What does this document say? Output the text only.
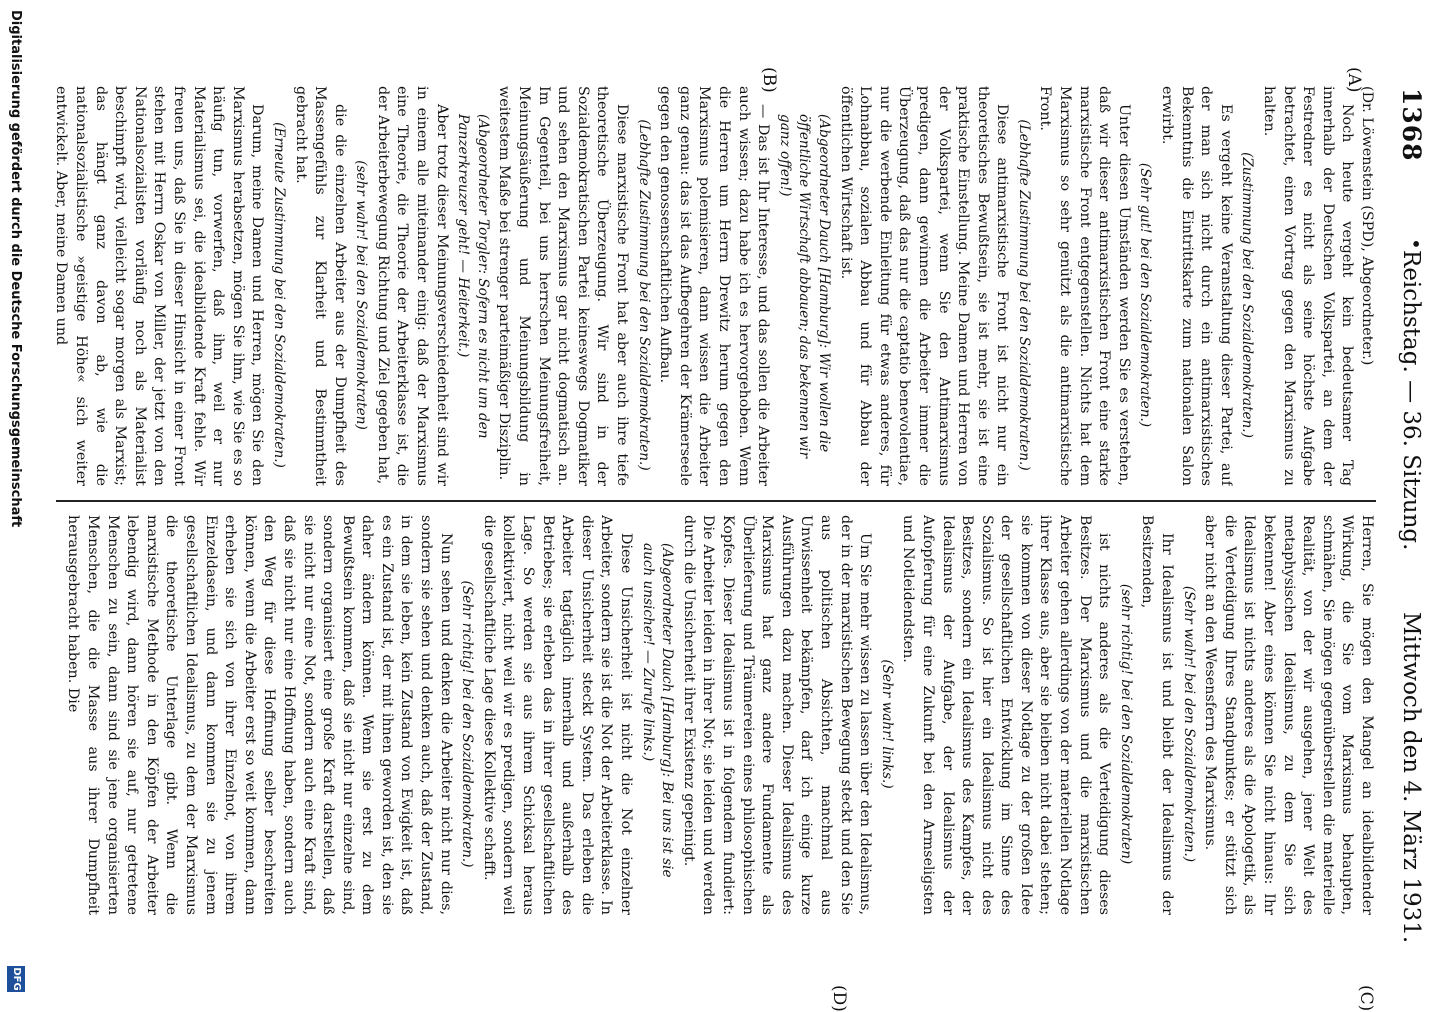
1368
•
Reichstag. — 36. Sitzung.
Mittwoch den 4. März 1931.
(A)
(B)
(C)
(D)

(Dr. Löwenstein (SPD), Abgeordneter.)

Noch heute vergeht kein bedeutsamer Tag innerhalb der Deutschen Volkspartei, an dem der Festredner es nicht als seine höchste Aufgabe betrachtet, einen Vortrag gegen den Marxismus zu halten.

(Zustimmung bei den Sozialdemokraten.)

Es vergeht keine Veranstaltung dieser Partei, auf der man sich nicht durch ein antimarxistisches Bekenntnis die Eintrittskarte zum nationalen Salon erwirbt.

(Sehr gut! bei den Sozialdemokraten.)

Unter diesen Umständen werden Sie es verstehen, daß wir dieser antimarxistischen Front eine starke marxistische Front entgegenstellen. Nichts hat dem Marxismus so sehr genützt als die antimarxistische Front.

(Lebhafte Zustimmung bei den Sozialdemokraten.)

Diese antimarxistische Front ist nicht nur ein theoretisches Bewußtsein, sie ist mehr, sie ist eine praktische Einstellung. Meine Damen und Herren von der Volkspartei, wenn Sie den Antimarxismus predigen, dann gewinnen die Arbeiter immer die Überzeugung, daß das nur die captatio benevolentiae, nur die werbende Einleitung für etwas anderes, für Lohnabbau, sozialen Abbau und für Abbau der öffentlichen Wirtschaft ist.

(Abgeordneter Dauch [Hamburg]: Wir wollen die öffentliche Wirtschaft abbauen; das bekennen wir ganz offen!)

— Das ist Ihr Interesse, und das sollen die Arbeiter auch wissen; dazu habe ich es hervorgehoben. Wenn die Herren um Herrn Drewitz herum gegen den Marxismus polemisieren, dann wissen die Arbeiter ganz genau: das ist das Aufbegehren der Krämerseele gegen den genossenschaftlichen Aufbau.

(Lebhafte Zustimmung bei den Sozialdemokraten.)

Diese marxistische Front hat aber auch ihre tiefe theoretische Überzeugung. Wir sind in der Sozialdemokratischen Partei keineswegs Dogmatiker und sehen den Marxismus gar nicht dogmatisch an. Im Gegenteil, bei uns herrschen Meinungsfreiheit, Meinungsäußerung und Meinungsbildung in weitestem Maße bei strenger parteimäßiger Disziplin.

(Abgeordneter Torgler: Sofern es nicht um den Panzerkreuzer geht! — Heiterkeit.)

Aber trotz dieser Meinungsverschiedenheit sind wir in einem alle miteinander einig: daß der Marxismus eine Theorie, die Theorie der Arbeiterklasse ist, die der Arbeiterbewegung Richtung und Ziel gegeben hat,

(sehr wahr! bei den Sozialdemokraten)

die die einzelnen Arbeiter aus der Dumpfheit des Massengefühls zur Klarheit und Bestimmtheit gebracht hat.

(Erneute Zustimmung bei den Sozialdemokraten.)

Darum, meine Damen und Herren, mögen Sie den Marxismus herabsetzen, mögen Sie ihm, wie Sie es so häufig tun, vorwerfen, daß ihm, weil er nur Materialismus sei, die idealbildende Kraft fehle. Wir freuen uns, daß Sie in dieser Hinsicht in einer Front stehen mit Herrn Oskar von Miller, der jetzt von den Nationalsozialisten vorläufig noch als Materialist beschimpft wird, vielleicht sogar morgen als Marxist; das hängt ganz davon ab, wie die nationalsozialistische »geistige Höhe« sich weiter entwickelt. Aber, meine Damen und

Herren, Sie mögen den Mangel an idealbildender Wirkung, die Sie vom Marxismus behaupten, schmähen, Sie mögen gegenüberstellen die materielle Realität, von der wir ausgehen, jener Welt des metaphysischen Idealismus, zu dem Sie sich bekennen! Aber eines können Sie nicht hinaus: Ihr Idealismus ist nichts anderes als die Apologetik, als die Verteidigung Ihres Standpunktes; er stützt sich aber nicht an den Wesensfern des Marxismus.

(Sehr wahr! bei den Sozialdemokraten.)

Ihr Idealismus ist und bleibt der Idealismus der Besitzenden,

(sehr richtig! bei den Sozialdemokraten)

ist nichts anderes als die Verteidigung dieses Besitzes. Der Marxismus und die marxistischen Arbeiter gehen allerdings von der materiellen Notlage ihrer Klasse aus, aber sie bleiben nicht dabei stehen; sie kommen von dieser Notlage zu der großen Idee der gesellschaftlichen Entwicklung im Sinne des Sozialismus. So ist hier ein Idealismus nicht des Besitzes, sondern ein Idealismus des Kampfes, der Idealismus der Aufgabe, der Idealismus der Aufopferung für eine Zukunft bei den Armseligsten und Notleidendsten.

(Sehr wahr! links.)

Um Sie mehr wissen zu lassen über den Idealismus, der in der marxistischen Bewegung steckt und den Sie aus politischen Absichten, manchmal aus Unwissenheit bekämpfen, darf ich einige kurze Ausführungen dazu machen. Dieser Idealismus des Marxismus hat ganz andere Fundamente als Überlieferung und Träumereien eines philosophischen Kopfes. Dieser Idealismus ist in folgendem fundiert: Die Arbeiter leiden in ihrer Not; sie leiden und werden durch die Unsicherheit ihrer Existenz gepeinigt.

(Abgeordneter Dauch [Hamburg]: Bei uns ist sie auch unsicher! — Zurufe links.)

Diese Unsicherheit ist nicht die Not einzelner Arbeiter, sondern sie ist die Not der Arbeiterklasse. In dieser Unsicherheit steckt System. Das erleben die Arbeiter tagtäglich innerhalb und außerhalb des Betriebes; sie erleben das in ihrer gesellschaftlichen Lage. So werden sie aus ihrem Schicksal heraus kollektiviert, nicht weil wir es predigen, sondern weil die gesellschaftliche Lage diese Kollektive schafft.

(Sehr richtig! bei den Sozialdemokraten.)

Nun sehen und denken die Arbeiter nicht nur dies, sondern sie sehen und denken auch, daß der Zustand, in dem sie leben, kein Zustand von Ewigkeit ist, daß es ein Zustand ist, der mit ihnen geworden ist, den sie daher ändern können. Wenn sie erst zu dem Bewußtsein kommen, daß sie nicht nur einzelne sind, sondern organisiert eine große Kraft darstellen, daß sie nicht nur eine Not, sondern auch eine Kraft sind, daß sie nicht nur eine Hoffnung haben, sondern auch den Weg für diese Hoffnung selber beschreiten können, wenn die Arbeiter erst so weit kommen, dann erheben sie sich von ihrer Einzelnot, von ihrem Einzeldasein, und dann kommen sie zu jenem gesellschaftlichen Idealismus, zu dem der Marxismus die theoretische Unterlage gibt. Wenn die marxistische Methode in den Köpfen der Arbeiter lebendig wird, dann hören sie auf, nur getretene Menschen zu sein, dann sind sie jene organisierten Menschen, die die Masse aus ihrer Dumpfheit herausgebracht haben. Die

Digitalisierung gefördert durch die Deutsche Forschungsgemeinschaft
DFG
